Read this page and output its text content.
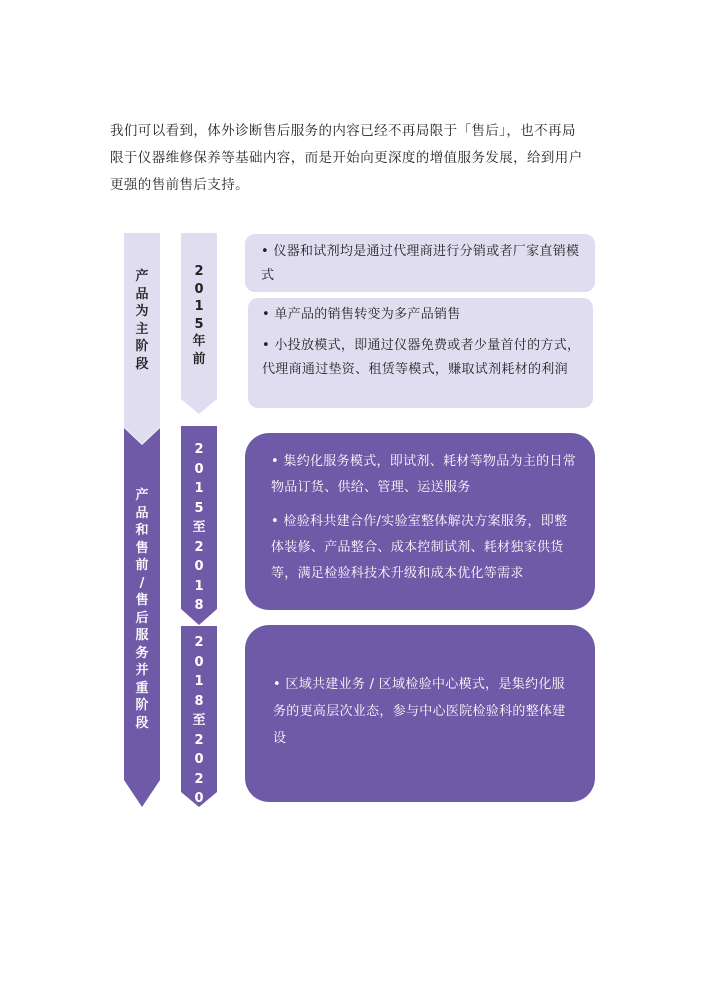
我们可以看到，体外诊断售后服务的内容已经不再局限于「售后」，也不再局

限于仪器维修保养等基础内容，而是开始向更深度的增值服务发展，给到用户

更强的售前售后支持。

产
品
为
主
阶
段
产
品
和
售
前
/
售
后
服
务
并
重
阶
段
2
0
1
5
年
前
2
0
1
5
至
2
0
1
8
2
0
1
8
至
2
0
2
0

• 仪器和试剂均是通过代理商进行分销或者厂家直销模式

• 单产品的销售转变为多产品销售

• 小投放模式，即通过仪器免费或者少量首付的方式，代理商通过垫资、租赁等模式，赚取试剂耗材的利润

• 集约化服务模式，即试剂、耗材等物品为主的日常物品订货、供给、管理、运送服务

• 检验科共建合作/实验室整体解决方案服务，即整体装修、产品整合、成本控制试剂、耗材独家供货等，满足检验科技术升级和成本优化等需求

• 区域共建业务 / 区域检验中心模式，是集约化服务的更高层次业态，参与中心医院检验科的整体建设
